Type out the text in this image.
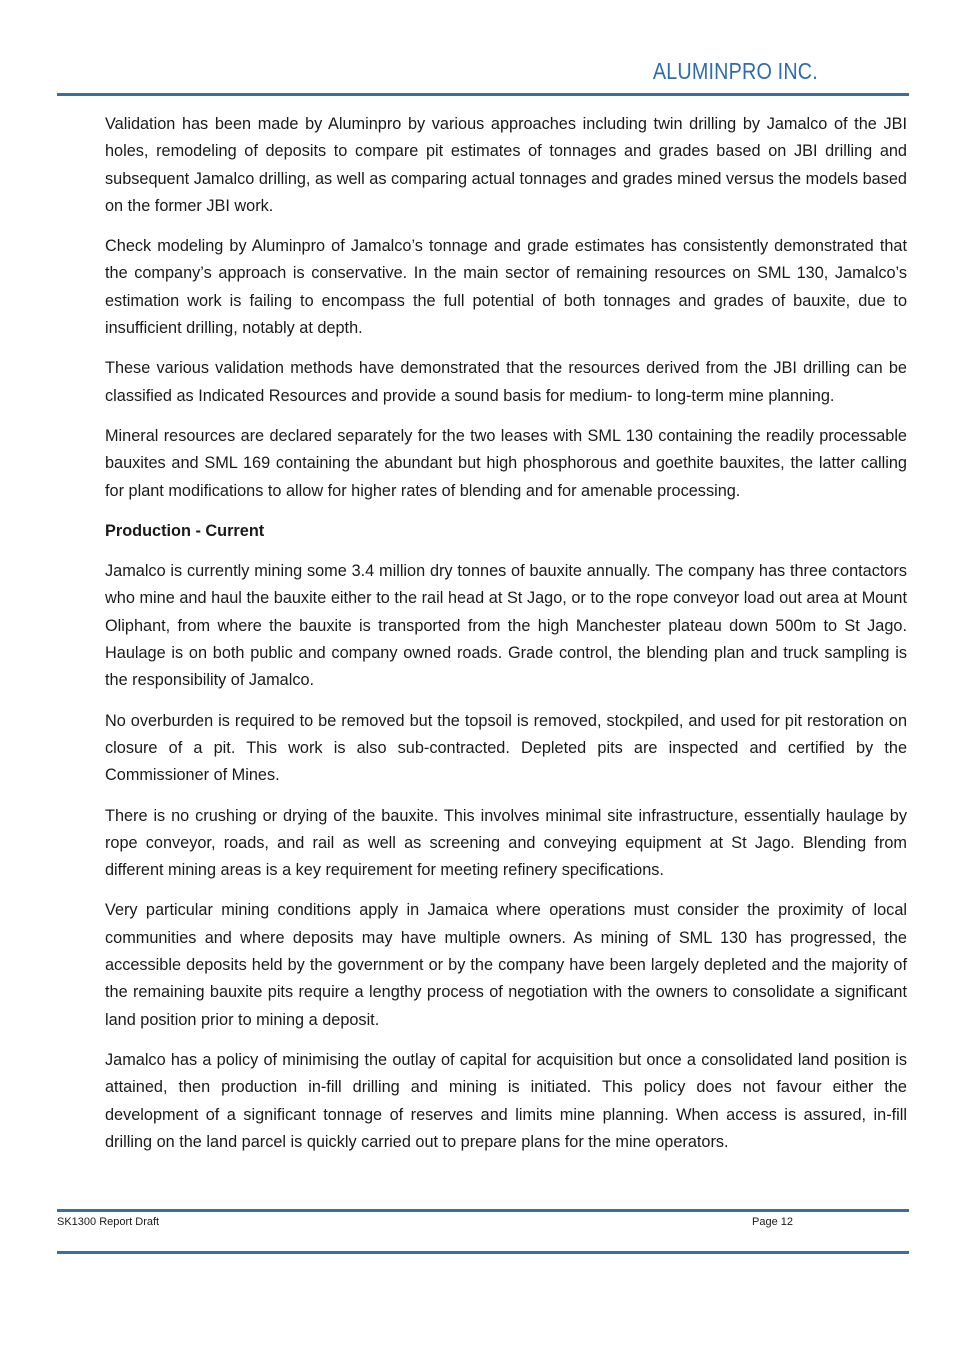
ALUMINPRO INC.

Validation has been made by Aluminpro by various approaches including twin drilling by Jamalco of the JBI holes, remodeling of deposits to compare pit estimates of tonnages and grades based on JBI drilling and subsequent Jamalco drilling, as well as comparing actual tonnages and grades mined versus the models based on the former JBI work.

Check modeling by Aluminpro of Jamalco’s tonnage and grade estimates has consistently demonstrated that the company’s approach is conservative. In the main sector of remaining resources on SML 130, Jamalco’s estimation work is failing to encompass the full potential of both tonnages and grades of bauxite, due to insufficient drilling, notably at depth.

These various validation methods have demonstrated that the resources derived from the JBI drilling can be classified as Indicated Resources and provide a sound basis for medium- to long-term mine planning.

Mineral resources are declared separately for the two leases with SML 130 containing the readily processable bauxites and SML 169 containing the abundant but high phosphorous and goethite bauxites, the latter calling for plant modifications to allow for higher rates of blending and for amenable processing.

Production - Current

Jamalco is currently mining some 3.4 million dry tonnes of bauxite annually. The company has three contactors who mine and haul the bauxite either to the rail head at St Jago, or to the rope conveyor load out area at Mount Oliphant, from where the bauxite is transported from the high Manchester plateau down 500m to St Jago. Haulage is on both public and company owned roads. Grade control, the blending plan and truck sampling is the responsibility of Jamalco.

No overburden is required to be removed but the topsoil is removed, stockpiled, and used for pit restoration on closure of a pit. This work is also sub-contracted. Depleted pits are inspected and certified by the Commissioner of Mines.

There is no crushing or drying of the bauxite. This involves minimal site infrastructure, essentially haulage by rope conveyor, roads, and rail as well as screening and conveying equipment at St Jago. Blending from different mining areas is a key requirement for meeting refinery specifications.

Very particular mining conditions apply in Jamaica where operations must consider the proximity of local communities and where deposits may have multiple owners. As mining of SML 130 has progressed, the accessible deposits held by the government or by the company have been largely depleted and the majority of the remaining bauxite pits require a lengthy process of negotiation with the owners to consolidate a significant land position prior to mining a deposit.

Jamalco has a policy of minimising the outlay of capital for acquisition but once a consolidated land position is attained, then production in-fill drilling and mining is initiated. This policy does not favour either the development of a significant tonnage of reserves and limits mine planning. When access is assured, in-fill drilling on the land parcel is quickly carried out to prepare plans for the mine operators.

SK1300 Report Draft	Page 12
